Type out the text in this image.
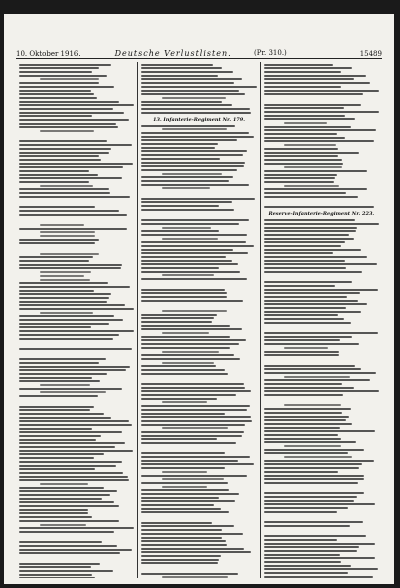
10. Oktober 1916.	Deutsche Verlustlisten.	15489
(Pr. 310.)
13. Infanterie-Regiment Nr. 179.
Reserve-Infanterie-Regiment Nr. 223.
